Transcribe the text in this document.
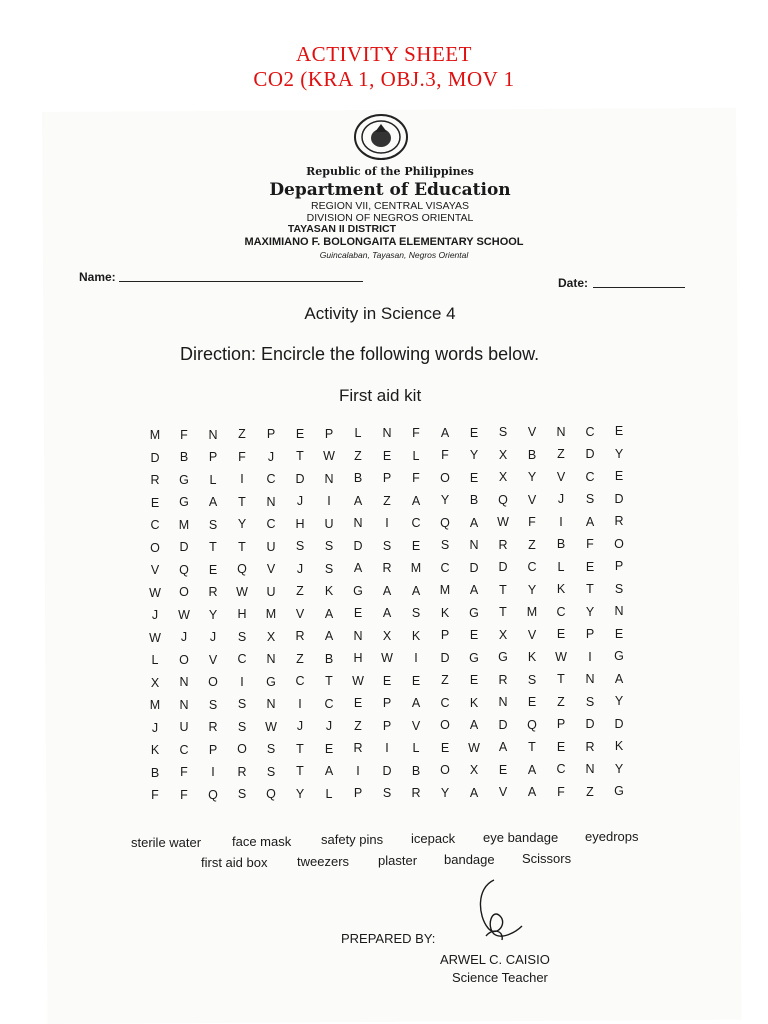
ACTIVITY SHEET
CO2 (KRA 1, OBJ.3, MOV 1
Republic of the Philippines
Department of Education
REGION VII, CENTRAL VISAYAS
DIVISION OF NEGROS ORIENTAL
TAYASAN II DISTRICT
MAXIMIANO F. BOLONGAITA ELEMENTARY SCHOOL
Guincalaban, Tayasan, Negros Oriental
Name:	Date:
Activity in Science 4
Direction: Encircle the following words below.
First aid kit
M F N Z P E P L N F A E S V N C E
D B P F	J	T W Z E L F Y X B Z D Y
R G L	I	C D N B P F O E X Y V C E
E G A T N	J	I	A Z A Y B Q V	J	S D
C M S Y C H U N	I	C Q A W F	I	A R
O D T T U S S D S E S N R Z B F O
V Q E Q V	J	S A R M C D D C L E P
W O R W U Z K G A A M A T Y K T S
J	W Y H M V A E A S K G T M C Y N
W	J	J	S X R A N X K P E X V E P E
L O V C N Z B H W	I	D G G K W	I	G
X N O	I	G C T W E E Z E R S T N A
M N S S N	I	C E P A C K N E Z S Y
J	U R S W	J	J	Z P V O A D Q P D D
K C P O S T E R	I	L E W A T E R K
B F	I	R S T A	I	D B O X E A C N Y
F F Q S Q Y L P S R Y A V A F Z G
sterile water face mask safety pins icepack eye bandage eyedrops
first aid box tweezers plaster bandage Scissors
PREPARED BY:
ARWEL C. CAISIO
Science Teacher
